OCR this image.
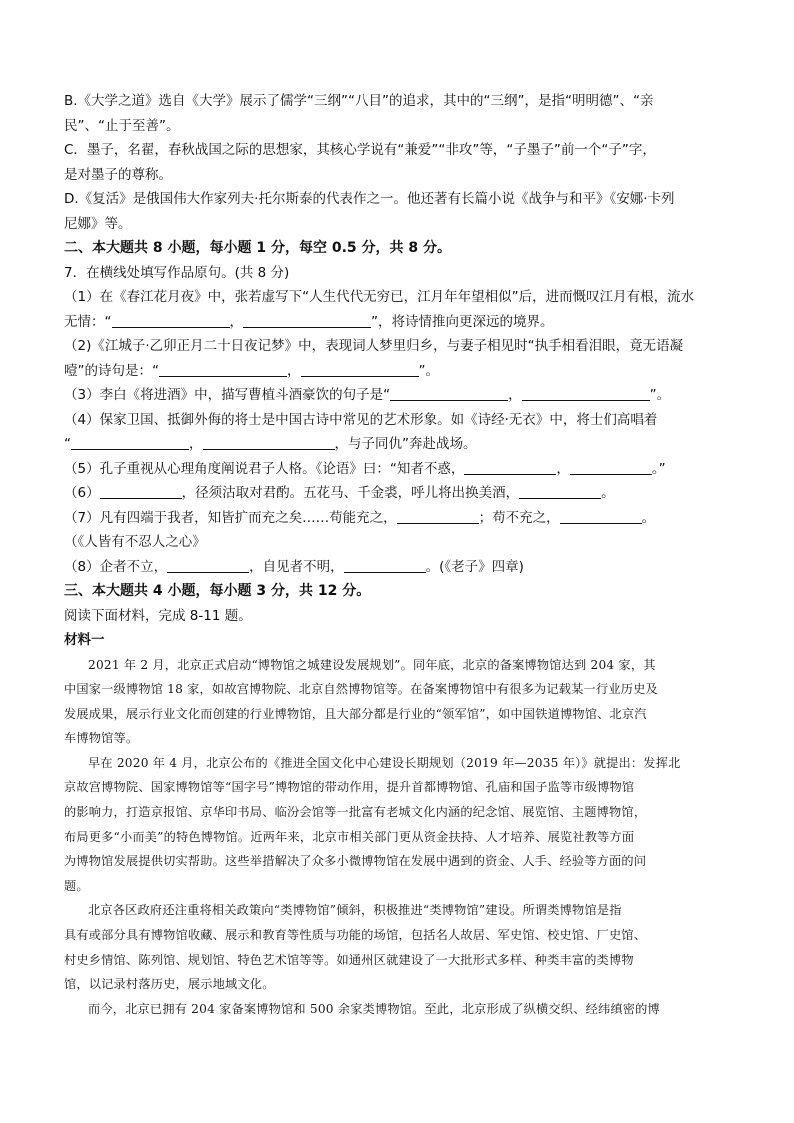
B.《大学之道》选自《大学》展示了儒学“三纲”“八目”的追求，其中的“三纲”，是指“明明德”、“亲

民”、“止于至善”。

C．墨子，名翟，春秋战国之际的思想家，其核心学说有“兼爱”“非攻”等，“子墨子”前一个“子”字，

是对墨子的尊称。

D.《复活》是俄国伟大作家列夫·托尔斯泰的代表作之一。他还著有长篇小说《战争与和平》《安娜·卡列

尼娜》等。

二、本大题共 8 小题，每小题 1 分，每空 0.5 分，共 8 分。

7．在横线处填写作品原句。(共 8 分)

（1）在《春江花月夜》中，张若虚写下“人生代代无穷已，江月年年望相似”后，进而慨叹江月有根，流水

无情：“	，	”，将诗情推向更深远的境界。

（2)《江城子·乙卯正月二十日夜记梦》中，表现词人梦里归乡，与妻子相见时“执手相看泪眼，竟无语凝

噎”的诗句是：“	，	”。

（3）李白《将进酒》中，描写曹植斗酒豪饮的句子是“	，	”。

（4）保家卫国、抵御外侮的将士是中国古诗中常见的艺术形象。如《诗经·无衣》中，将士们高唱着

“	，	，与子同仇”奔赴战场。

（5）孔子重视从心理角度阐说君子人格。《论语》曰：“知者不惑，	，	。”

（6）	，径须沽取对君酌。五花马、千金裘，呼儿将出换美酒，	。

（7）凡有四端于我者，知皆扩而充之矣……苟能充之，	；苟不充之，	。

（《人皆有不忍人之心》

（8）企者不立，	，自见者不明，	。(《老子》四章)

三、本大题共 4 小题，每小题 3 分，共 12 分。

阅读下面材料，完成 8-11 题。

材料一

2021 年 2 月，北京正式启动“博物馆之城建设发展规划”。同年底，北京的备案博物馆达到 204 家，其

中国家一级博物馆 18 家，如故宫博物院、北京自然博物馆等。在备案博物馆中有很多为记载某一行业历史及

发展成果，展示行业文化而创建的行业博物馆，且大部分都是行业的“领军馆”，如中国铁道博物馆、北京汽

车博物馆等。

早在 2020 年 4 月，北京公布的《推进全国文化中心建设长期规划（2019 年—2035 年）》就提出：发挥北

京故宫博物院、国家博物馆等“国字号”博物馆的带动作用，提升首都博物馆、孔庙和国子监等市级博物馆

的影响力，打造京报馆、京华印书局、临汾会馆等一批富有老城文化内涵的纪念馆、展览馆、主题博物馆，

布局更多“小而美”的特色博物馆。近两年来，北京市相关部门更从资金扶持、人才培养、展览社教等方面

为博物馆发展提供切实帮助。这些举措解决了众多小微博物馆在发展中遇到的资金、人手、经验等方面的问

题。

北京各区政府还注重将相关政策向“类博物馆”倾斜，积极推进“类博物馆”建设。所谓类博物馆是指

具有或部分具有博物馆收藏、展示和教育等性质与功能的场馆，包括名人故居、军史馆、校史馆、厂史馆、

村史乡情馆、陈列馆、规划馆、特色艺术馆等等。如通州区就建设了一大批形式多样、种类丰富的类博物

馆，以记录村落历史，展示地域文化。

而今，北京已拥有 204 家备案博物馆和 500 余家类博物馆。至此，北京形成了纵横交织、经纬缜密的博
